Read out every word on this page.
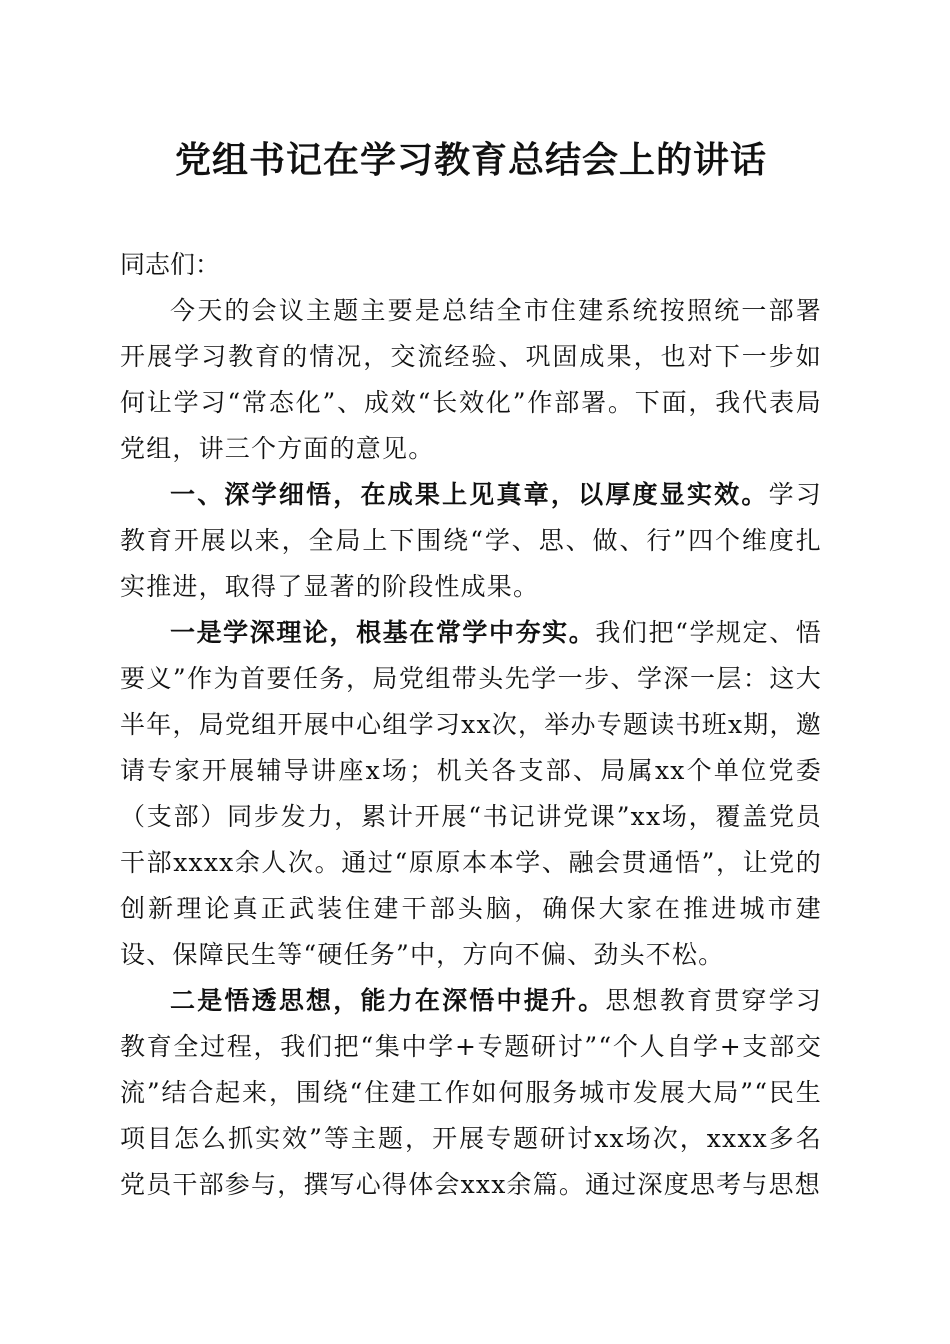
党组书记在学习教育总结会上的讲话
同志们：

今天的会议主题主要是总结全市住建系统按照统一部署开展学习教育的情况，交流经验、巩固成果，也对下一步如何让学习“常态化”、成效“长效化”作部署。下面，我代表局党组，讲三个方面的意见。

一、深学细悟，在成果上见真章，以厚度显实效。学习教育开展以来，全局上下围绕“学、思、做、行”四个维度扎实推进，取得了显著的阶段性成果。

一是学深理论，根基在常学中夯实。我们把“学规定、悟要义”作为首要任务，局党组带头先学一步、学深一层：这大半年，局党组开展中心组学习xx次，举办专题读书班x期，邀请专家开展辅导讲座x场；机关各支部、局属xx个单位党委（支部）同步发力，累计开展“书记讲党课”xx场，覆盖党员干部xxxx余人次。通过“原原本本学、融会贯通悟”，让党的创新理论真正武装住建干部头脑，确保大家在推进城市建设、保障民生等“硬任务”中，方向不偏、劲头不松。

二是悟透思想，能力在深悟中提升。思想教育贯穿学习教育全过程，我们把“集中学+专题研讨”“个人自学+支部交流”结合起来，围绕“住建工作如何服务城市发展大局”“民生项目怎么抓实效”等主题，开展专题研讨xx场次，xxxx多名党员干部参与，撰写心得体会xxx余篇。通过深度思考与思想
